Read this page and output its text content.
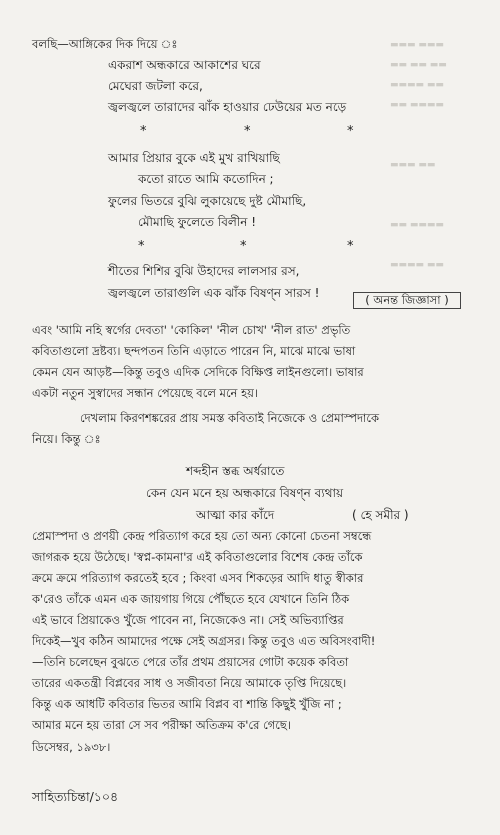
▬▬▬ ▬▬▬
▬▬ ▬▬ ▬▬
▬▬▬▬ ▬▬
▬▬ ▬▬▬▬
▬▬▬ ▬▬
▬▬ ▬▬▬▬
▬▬▬▬ ▬▬
বলছি—আঙ্গিকের দিক দিয়ে ঃ
একরাশ অন্ধকারে আকাশের ঘরে
মেঘেরা জটলা করে,
জ্বলজ্বলে তারাদের ঝাঁক হাওয়ার ঢেউয়ের মত নড়ে
*	*	*
আমার প্রিয়ার বুকে এই মুখ রাখিয়াছি
কতো রাতে আমি কতোদিন ;
ফুলের ভিতরে বুঝি লুকায়েছে দুষ্ট মৌমাছি,
মৌমাছি ফুলেতে বিলীন !
*	*	*
শীতের শিশির বুঝি উহাদের লালসার রস,
জ্বলজ্বলে তারাগুলি এক ঝাঁক বিষণ্ন সারস !	( অনন্ত জিজ্ঞাসা )
এবং 'আমি নহি স্বর্গের দেবতা' 'কোকিল' 'নীল চোখ' 'নীল রাত' প্রভৃতি
কবিতাগুলো দ্রষ্টব্য। ছন্দপতন তিনি এড়াতে পারেন নি, মাঝে মাঝে ভাষা
কেমন যেন আড়ষ্ট—কিন্তু তবুও এদিক সেদিকে বিক্ষিপ্ত লাইনগুলো। ভাষার
একটা নতুন সুস্বাদের সন্ধান পেয়েছে বলে মনে হয়।
দেখলাম কিরণশঙ্করের প্রায় সমস্ত কবিতাই নিজেকে ও প্রেমাস্পদাকে
নিয়ে। কিন্তু ঃ
শব্দহীন স্তব্ধ অর্ধরাতে
কেন যেন মনে হয় অন্ধকারে বিষণ্ন ব্যথায়
আত্মা কার কাঁদে	( হে সমীর )
প্রেমাস্পদা ও প্রণয়ী কেন্দ্র পরিত্যাগ করে হয় তো অন্য কোনো চেতনা সম্বন্ধে
জাগরূক হয়ে উঠেছে। 'স্বপ্ন-কামনা'র এই কবিতাগুলোর বিশেষ কেন্দ্র তাঁকে
ক্রমে ক্রমে পরিত্যাগ করতেই হবে ; কিংবা এসব শিকড়ের আদি ধাতু স্বীকার
ক'রেও তাঁকে এমন এক জায়গায় গিয়ে পৌঁছতে হবে যেখানে তিনি ঠিক
এই ভাবে প্রিয়াকেও খুঁজে পাবেন না, নিজেকেও না। সেই অভিব্যাপ্তির
দিকেই—খুব কঠিন আমাদের পক্ষে সেই অগ্রসর। কিন্তু তবুও এত অবিসংবাদী!
—তিনি চলেছেন বুঝতে পেরে তাঁর প্রথম প্রয়াসের গোটা কয়েক কবিতা
তারের একতন্ত্রী বিপ্লবের সাধ ও সজীবতা নিয়ে আমাকে তৃপ্তি দিয়েছে।
কিন্তু এক আধটি কবিতার ভিতর আমি বিপ্লব বা শান্তি কিছুই খুঁজি না ;
আমার মনে হয় তারা সে সব পরীক্ষা অতিক্রম ক'রে গেছে।
ডিসেম্বর, ১৯৩৮।
সাহিত্যচিন্তা/১০৪
